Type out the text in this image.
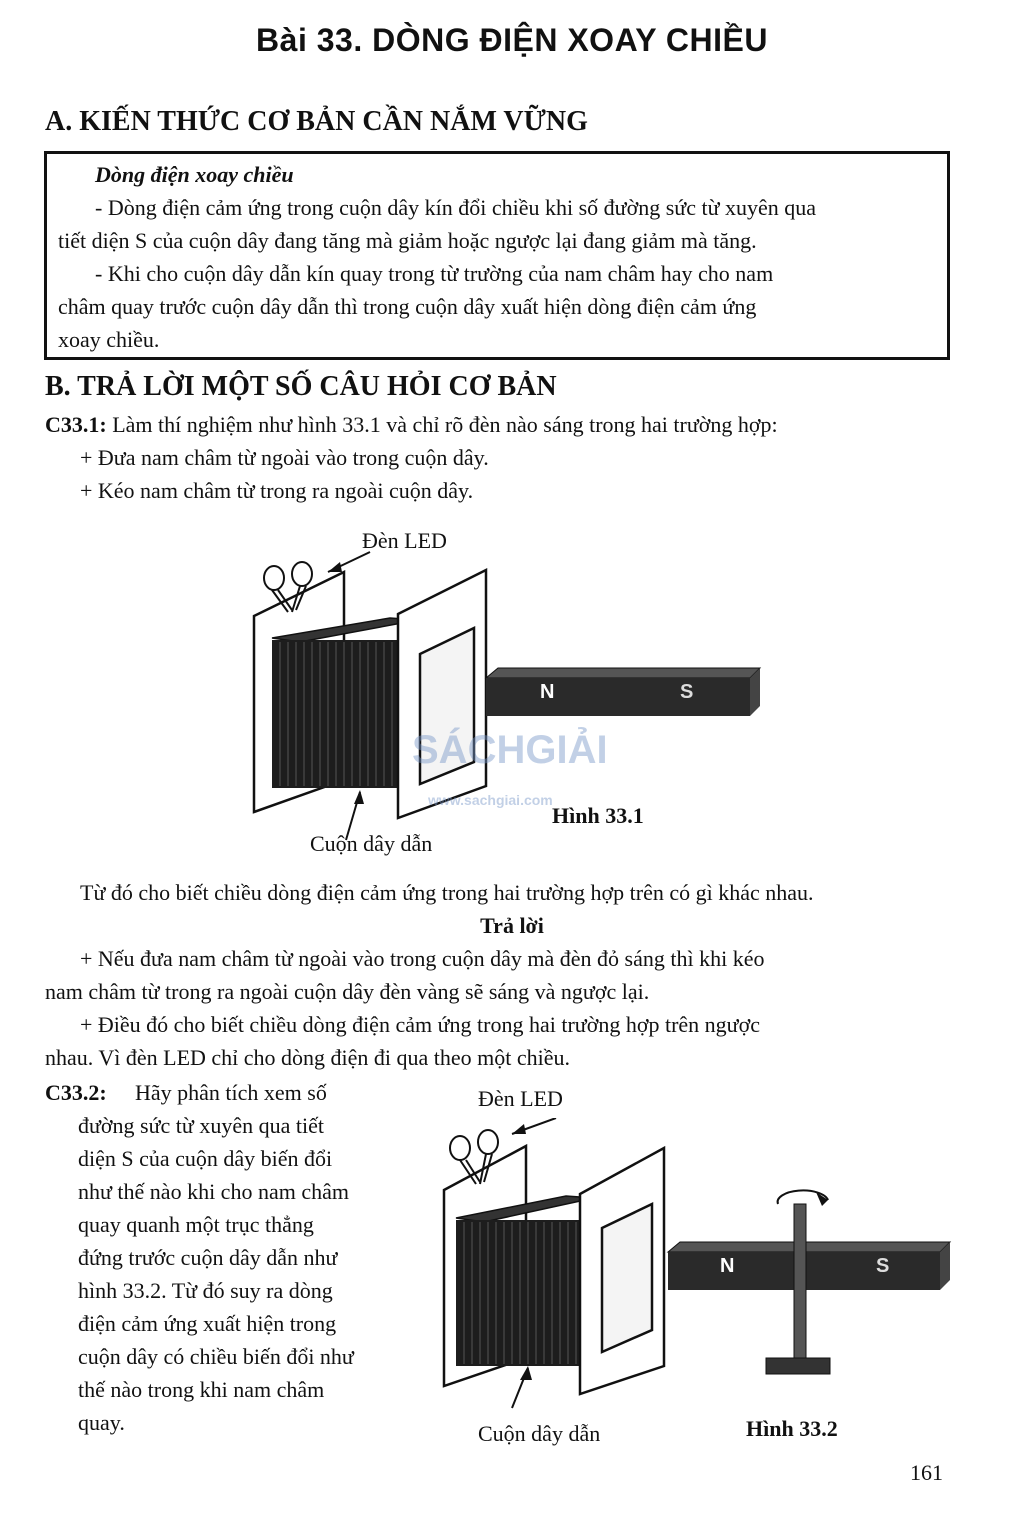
Bài 33. DÒNG ĐIỆN XOAY CHIỀU
A. KIẾN THỨC CƠ BẢN CẦN NẮM VỮNG
Dòng điện xoay chiều
- Dòng điện cảm ứng trong cuộn dây kín đổi chiều khi số đường sức từ xuyên qua
tiết diện S của cuộn dây đang tăng mà giảm hoặc ngược lại đang giảm mà tăng.
- Khi cho cuộn dây dẫn kín quay trong từ trường của nam châm hay cho nam
châm quay trước cuộn dây dẫn thì trong cuộn dây xuất hiện dòng điện cảm ứng
xoay chiều.
B. TRẢ LỜI MỘT SỐ CÂU HỎI CƠ BẢN
C33.1: Làm thí nghiệm như hình 33.1 và chỉ rõ đèn nào sáng trong hai trường hợp:
+ Đưa nam châm từ ngoài vào trong cuộn dây.
+ Kéo nam châm từ trong ra ngoài cuộn dây.
N	S
Đèn LED
Cuộn dây dẫn
Hình 33.1
SÁCHGIẢI
www.sachgiai.com
Từ đó cho biết chiều dòng điện cảm ứng trong hai trường hợp trên có gì khác nhau.
Trả lời
+ Nếu đưa nam châm từ ngoài vào trong cuộn dây mà đèn đỏ sáng thì khi kéo
nam châm từ trong ra ngoài cuộn dây đèn vàng sẽ sáng và ngược lại.
+ Điều đó cho biết chiều dòng điện cảm ứng trong hai trường hợp trên ngược
nhau. Vì đèn LED chỉ cho dòng điện đi qua theo một chiều.
C33.2: Hãy phân tích xem số
đường sức từ xuyên qua tiết
diện S của cuộn dây biến đổi
như thế nào khi cho nam châm
quay quanh một trục thẳng
đứng trước cuộn dây dẫn như
hình 33.2. Từ đó suy ra dòng
điện cảm ứng xuất hiện trong
cuộn dây có chiều biến đổi như
thế nào trong khi nam châm
quay.
N	S
Đèn LED
Cuộn dây dẫn	Hình 33.2
161
